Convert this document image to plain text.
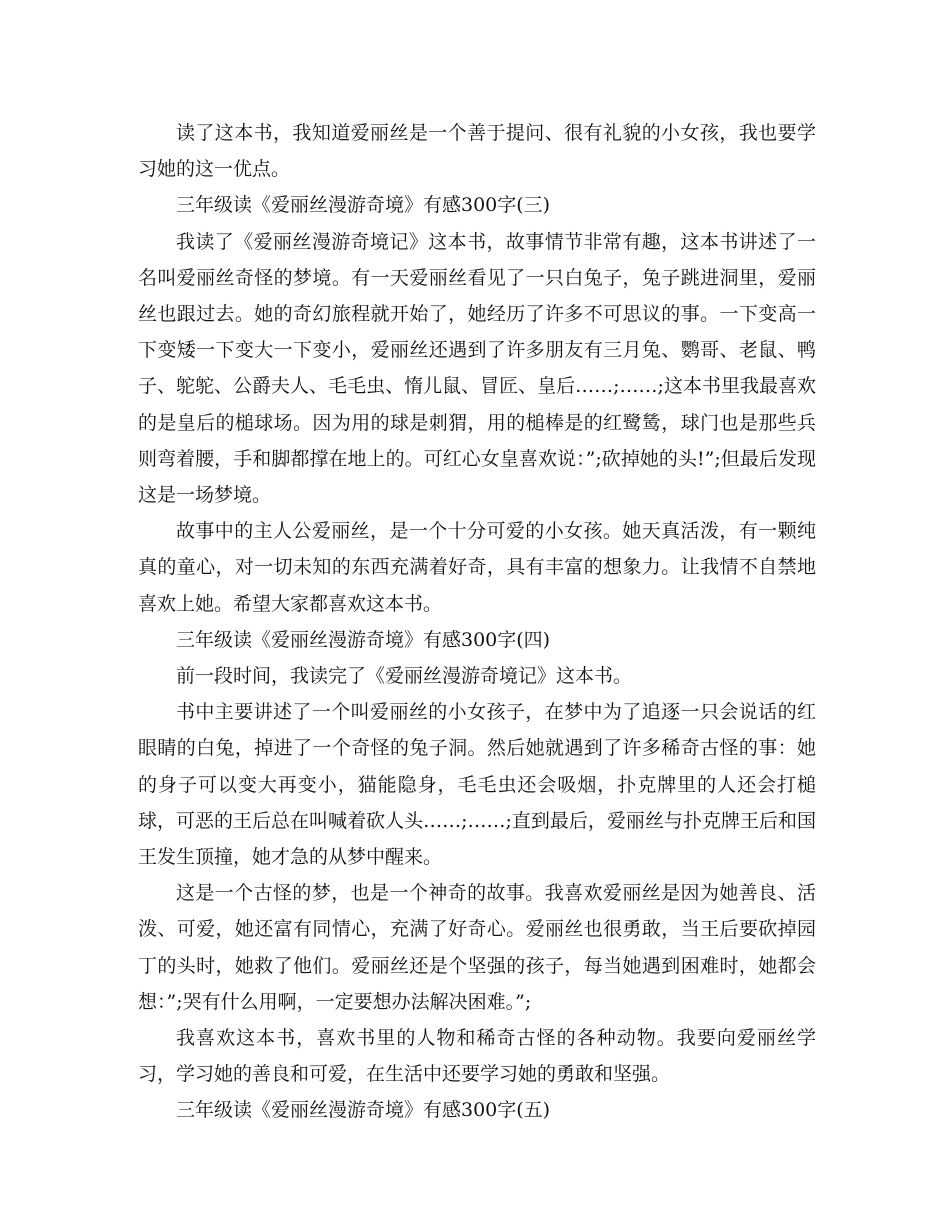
读了这本书，我知道爱丽丝是一个善于提问、很有礼貌的小女孩，我也要学习她的这一优点。

三年级读《爱丽丝漫游奇境》有感300字(三)

我读了《爱丽丝漫游奇境记》这本书，故事情节非常有趣，这本书讲述了一名叫爱丽丝奇怪的梦境。有一天爱丽丝看见了一只白兔子，兔子跳进洞里，爱丽丝也跟过去。她的奇幻旅程就开始了，她经历了许多不可思议的事。一下变高一下变矮一下变大一下变小，爱丽丝还遇到了许多朋友有三月兔、鹦哥、老鼠、鸭子、鸵鸵、公爵夫人、毛毛虫、惰儿鼠、冒匠、皇后……;……;这本书里我最喜欢的是皇后的槌球场。因为用的球是刺猬，用的槌棒是的红鹭鸶，球门也是那些兵则弯着腰，手和脚都撑在地上的。可红心女皇喜欢说：”;砍掉她的头!”;但最后发现这是一场梦境。

故事中的主人公爱丽丝，是一个十分可爱的小女孩。她天真活泼，有一颗纯真的童心，对一切未知的东西充满着好奇，具有丰富的想象力。让我情不自禁地喜欢上她。希望大家都喜欢这本书。

三年级读《爱丽丝漫游奇境》有感300字(四)

前一段时间，我读完了《爱丽丝漫游奇境记》这本书。

书中主要讲述了一个叫爱丽丝的小女孩子，在梦中为了追逐一只会说话的红眼睛的白兔，掉进了一个奇怪的兔子洞。然后她就遇到了许多稀奇古怪的事：她的身子可以变大再变小，猫能隐身，毛毛虫还会吸烟，扑克牌里的人还会打槌球，可恶的王后总在叫喊着砍人头……;……;直到最后，爱丽丝与扑克牌王后和国王发生顶撞，她才急的从梦中醒来。

这是一个古怪的梦，也是一个神奇的故事。我喜欢爱丽丝是因为她善良、活泼、可爱，她还富有同情心，充满了好奇心。爱丽丝也很勇敢，当王后要砍掉园丁的头时，她救了他们。爱丽丝还是个坚强的孩子，每当她遇到困难时，她都会想：”;哭有什么用啊，一定要想办法解决困难。”;

我喜欢这本书，喜欢书里的人物和稀奇古怪的各种动物。我要向爱丽丝学习，学习她的善良和可爱，在生活中还要学习她的勇敢和坚强。

三年级读《爱丽丝漫游奇境》有感300字(五)
